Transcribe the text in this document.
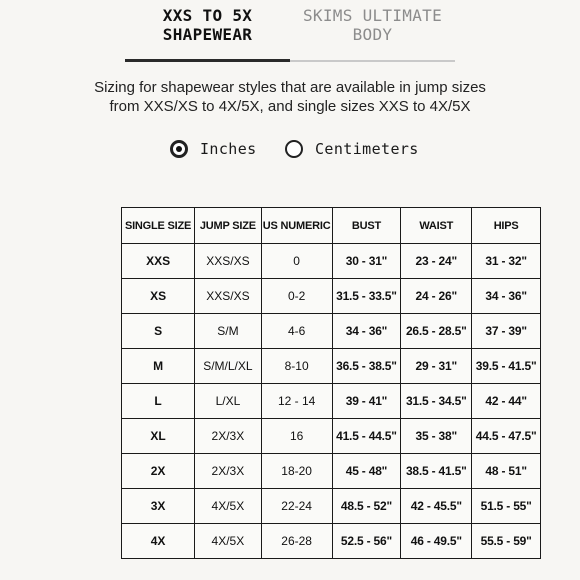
XXS TO 5X
SHAPEWEAR
SKIMS ULTIMATE
BODY
Sizing for shapewear styles that are available in jump sizes
from XXS/XS to 4X/5X, and single sizes XXS to 4X/5X
Inches	Centimeters
SINGLE SIZE	JUMP SIZE	US NUMERIC	BUST	WAIST	HIPS
XXS	XXS/XS	0	30 - 31"	23 - 24"	31 - 32"
XS	XXS/XS	0-2	31.5 - 33.5"	24 - 26"	34 - 36"
S	S/M	4-6	34 - 36"	26.5 - 28.5"	37 - 39"
M	S/M/L/XL	8-10	36.5 - 38.5"	29 - 31"	39.5 - 41.5"
L	L/XL	12 - 14	39 - 41"	31.5 - 34.5"	42 - 44"
XL	2X/3X	16	41.5 - 44.5"	35 - 38"	44.5 - 47.5"
2X	2X/3X	18-20	45 - 48"	38.5 - 41.5"	48 - 51"
3X	4X/5X	22-24	48.5 - 52"	42 - 45.5"	51.5 - 55"
4X	4X/5X	26-28	52.5 - 56"	46 - 49.5"	55.5 - 59"
